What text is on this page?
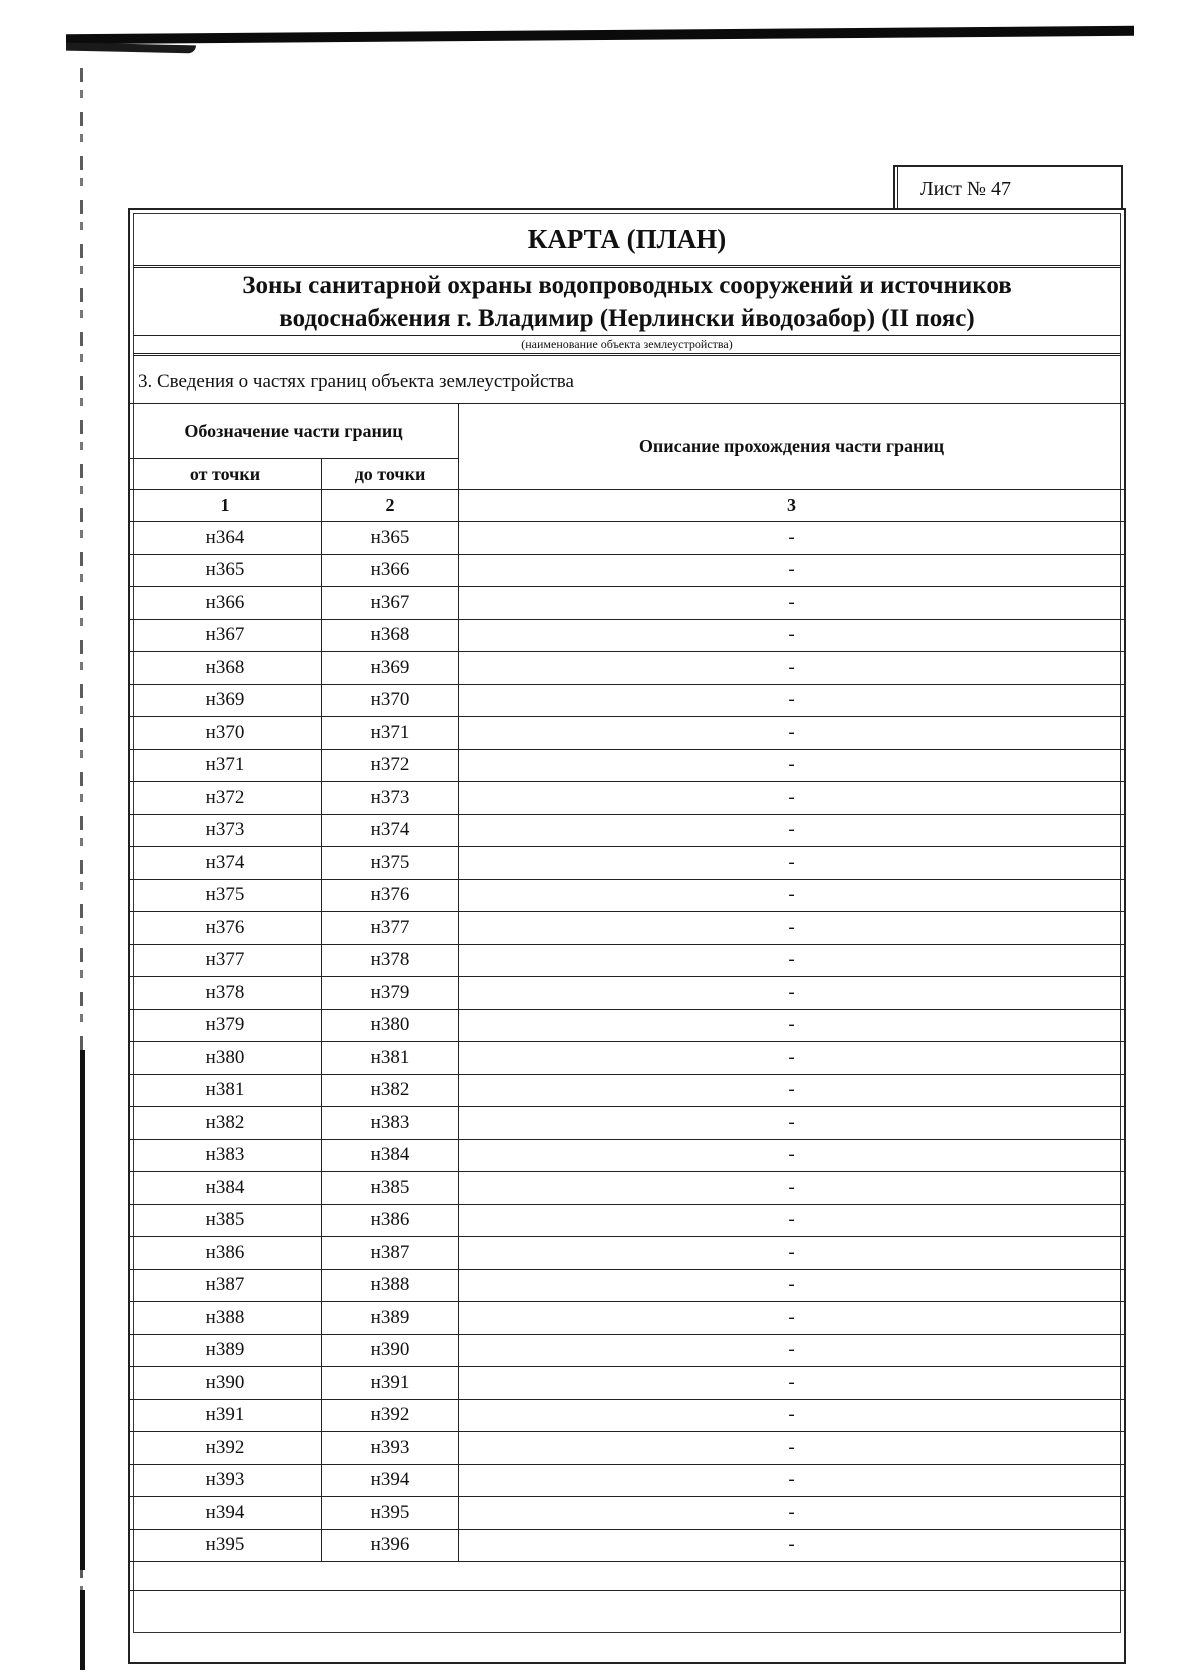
Лист № 47
КАРТА (ПЛАН)
Зоны санитарной охраны водопроводных сооружений и источников
водоснабжения г. Владимир (Нерлински йводозабор) (II пояс)
(наименование объекта землеустройства)
3. Сведения о частях границ объекта землеустройства
Обозначение части границ		Описание прохождения части границ
от точки	до точки	
1	2	3
н364	н365	-
н365	н366	-
н366	н367	-
н367	н368	-
н368	н369	-
н369	н370	-
н370	н371	-
н371	н372	-
н372	н373	-
н373	н374	-
н374	н375	-
н375	н376	-
н376	н377	-
н377	н378	-
н378	н379	-
н379	н380	-
н380	н381	-
н381	н382	-
н382	н383	-
н383	н384	-
н384	н385	-
н385	н386	-
н386	н387	-
н387	н388	-
н388	н389	-
н389	н390	-
н390	н391	-
н391	н392	-
н392	н393	-
н393	н394	-
н394	н395	-
н395	н396	-
